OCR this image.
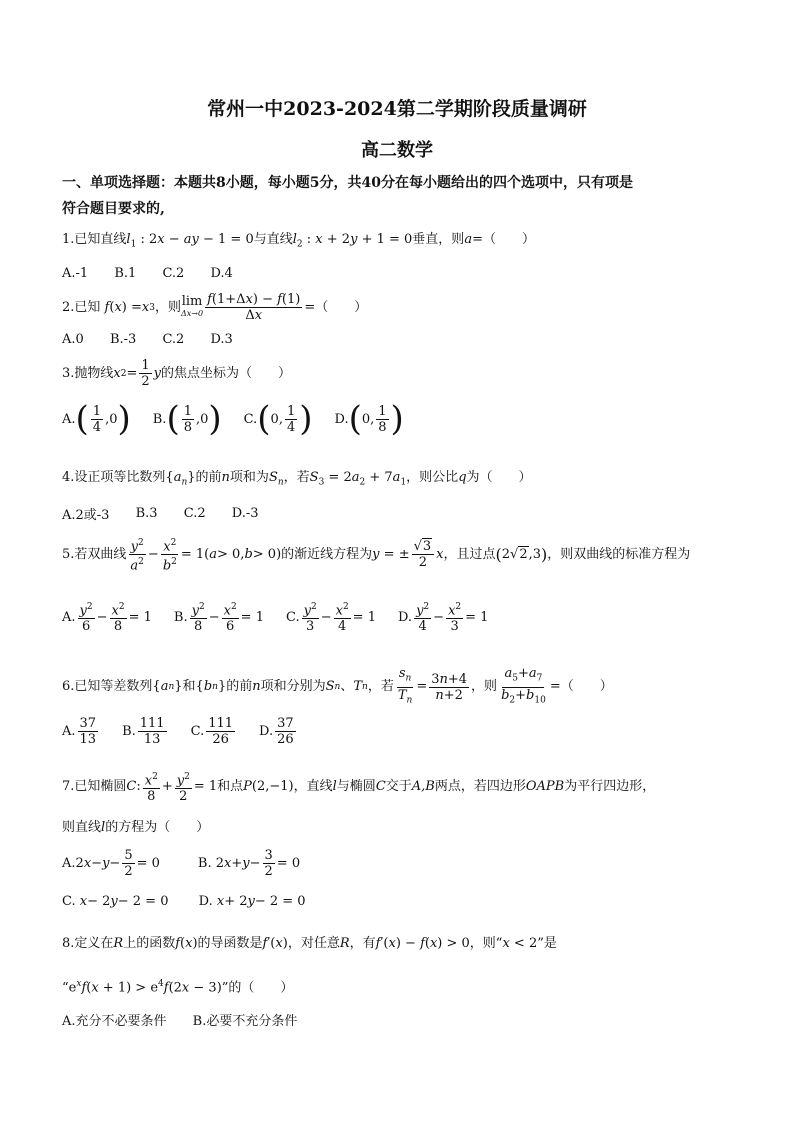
常州一中2023-2024第二学期阶段质量调研
高二数学
一、单项选择题：本题共8小题，每小题5分，共40分在每小题给出的四个选项中，只有项是
符合题目要求的,
1.已知直线$l_1$ : 2x − ay − 1 = 0与直线$l_2$ : x + 2y + 1 = 0垂直，则a=（　　）
A.-1 B.1 C.2 D.4
2.已知 f ( x ) = x 3 ，则 lim
$\Delta x\to 0 \frac{f(1+\Delta x) - f(1)}{\Delta x}$ =（　　）
A.0 B.-3 C.2 D.3
3.抛物线 x $2 = \frac{1}{2}$ y 的焦点坐标为（　　）
A. ( $\frac{1}{4} ,0$ ) B. ( $\frac{1}{8} ,0$ ) C. ( 0, $\frac{1}{4}$ ) D. ( 0, $\frac{1}{8}$ )
4.设正项等比数列$\{a_n\}$的前n项和为$S_n$，若$S_3 = 2a_2 + 7a_1$，则公比q为（　　）
A.2或-3 B.3 C.2 D.-3
5.若双曲线 $\frac{y^2}{a^2} - \frac{x^2}{b^2} = 1$( a > 0, b > 0) 的渐近线方程为 y = ± $\frac{√3}{2}$ x ，且过点 ( 2√2,3 ) ，则双曲线的标准方程为
A. $\frac{y^2}{6} - \frac{x^2}{8} = 1$ B. $\frac{y^2}{8} - \frac{x^2}{6} = 1$ C. $\frac{y^2}{3} - \frac{x^2}{4} = 1$ D. $\frac{y^2}{4} - \frac{x^2}{3} = 1$
6.已知等差数列 { a n } 和 { b n } 的前 n 项和分别为 S n 、 T n ，若 $\frac{s_n}{T_n} = \frac{3n+4}{n+2}$ ，则 $\frac{a_5+a_7}{b_2+b_{10}}$ =（　　）
A. $\frac{37}{13} B$. $\frac{111}{13} C$. $\frac{111}{26} D$. $\frac{37}{26}$
7.已知椭圆 C : $\frac{x^2}{8} + \frac{y^2}{2} = 1$ 和点 P (2,−1) ，直线 l 与椭圆 C 交于 A,B 两点，若四边形 OAPB 为平行四边形，
则直线l的方程为（　　）
A. 2 $x - y - \frac{5}{2} = 0$	B. 2 $x + y - \frac{3}{2} = 0$
C. x − 2 y − 2 = 0
D. x + 2 y − 2 = 0
8.定义在R上的函数f(x)的导函数是f′(x)，对任意R，有f′(x) − f(x) > 0，则“x < 2”是
“$e^xf(x + 1) > e^4f(2x - 3)$”的（　　）
A.充分不必要条件 B.必要不充分条件
